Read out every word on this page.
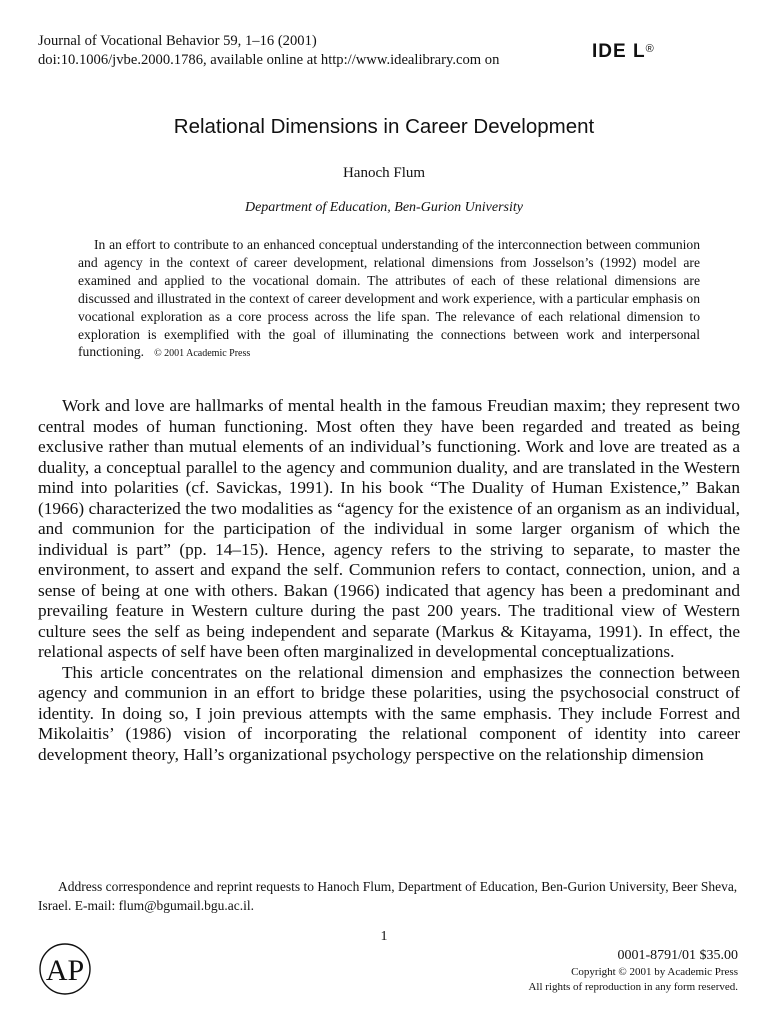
Journal of Vocational Behavior 59, 1–16 (2001)
doi:10.1006/jvbe.2000.1786, available online at http://www.idealibrary.com on	IDE L®
Relational Dimensions in Career Development
Hanoch Flum
Department of Education, Ben-Gurion University

In an effort to contribute to an enhanced conceptual understanding of the interconnection between communion and agency in the context of career development, relational dimensions from Josselson’s (1992) model are examined and applied to the vocational domain. The attributes of each of these relational dimensions are discussed and illustrated in the context of career development and work experience, with a particular emphasis on vocational exploration as a core process across the life span. The relevance of each relational dimension to exploration is exemplified with the goal of illuminating the connections between work and interpersonal functioning. © 2001 Academic Press

Work and love are hallmarks of mental health in the famous Freudian maxim; they represent two central modes of human functioning. Most often they have been regarded and treated as being exclusive rather than mutual elements of an individual’s functioning. Work and love are treated as a duality, a conceptual parallel to the agency and communion duality, and are translated in the Western mind into polarities (cf. Savickas, 1991). In his book “The Duality of Human Existence,” Bakan (1966) characterized the two modalities as “agency for the existence of an organism as an individual, and communion for the participation of the individual in some larger organism of which the individual is part” (pp. 14–15). Hence, agency refers to the striving to separate, to master the environment, to assert and expand the self. Communion refers to contact, connection, union, and a sense of being at one with others. Bakan (1966) indicated that agency has been a predominant and prevailing feature in Western culture during the past 200 years. The traditional view of Western culture sees the self as being independent and separate (Markus & Kitayama, 1991). In effect, the relational aspects of self have been often marginalized in developmental conceptualizations.

This article concentrates on the relational dimension and emphasizes the connection between agency and communion in an effort to bridge these polarities, using the psychosocial construct of identity. In doing so, I join previous attempts with the same emphasis. They include Forrest and Mikolaitis’ (1986) vision of incorporating the relational component of identity into career development theory, Hall’s organizational psychology perspective on the relationship dimension

Address correspondence and reprint requests to Hanoch Flum, Department of Education, Ben-Gurion University, Beer Sheva, Israel. E-mail: flum@bgumail.bgu.ac.il.

1
AP	0001-8791/01 $35.00
Copyright © 2001 by Academic Press
All rights of reproduction in any form reserved.
